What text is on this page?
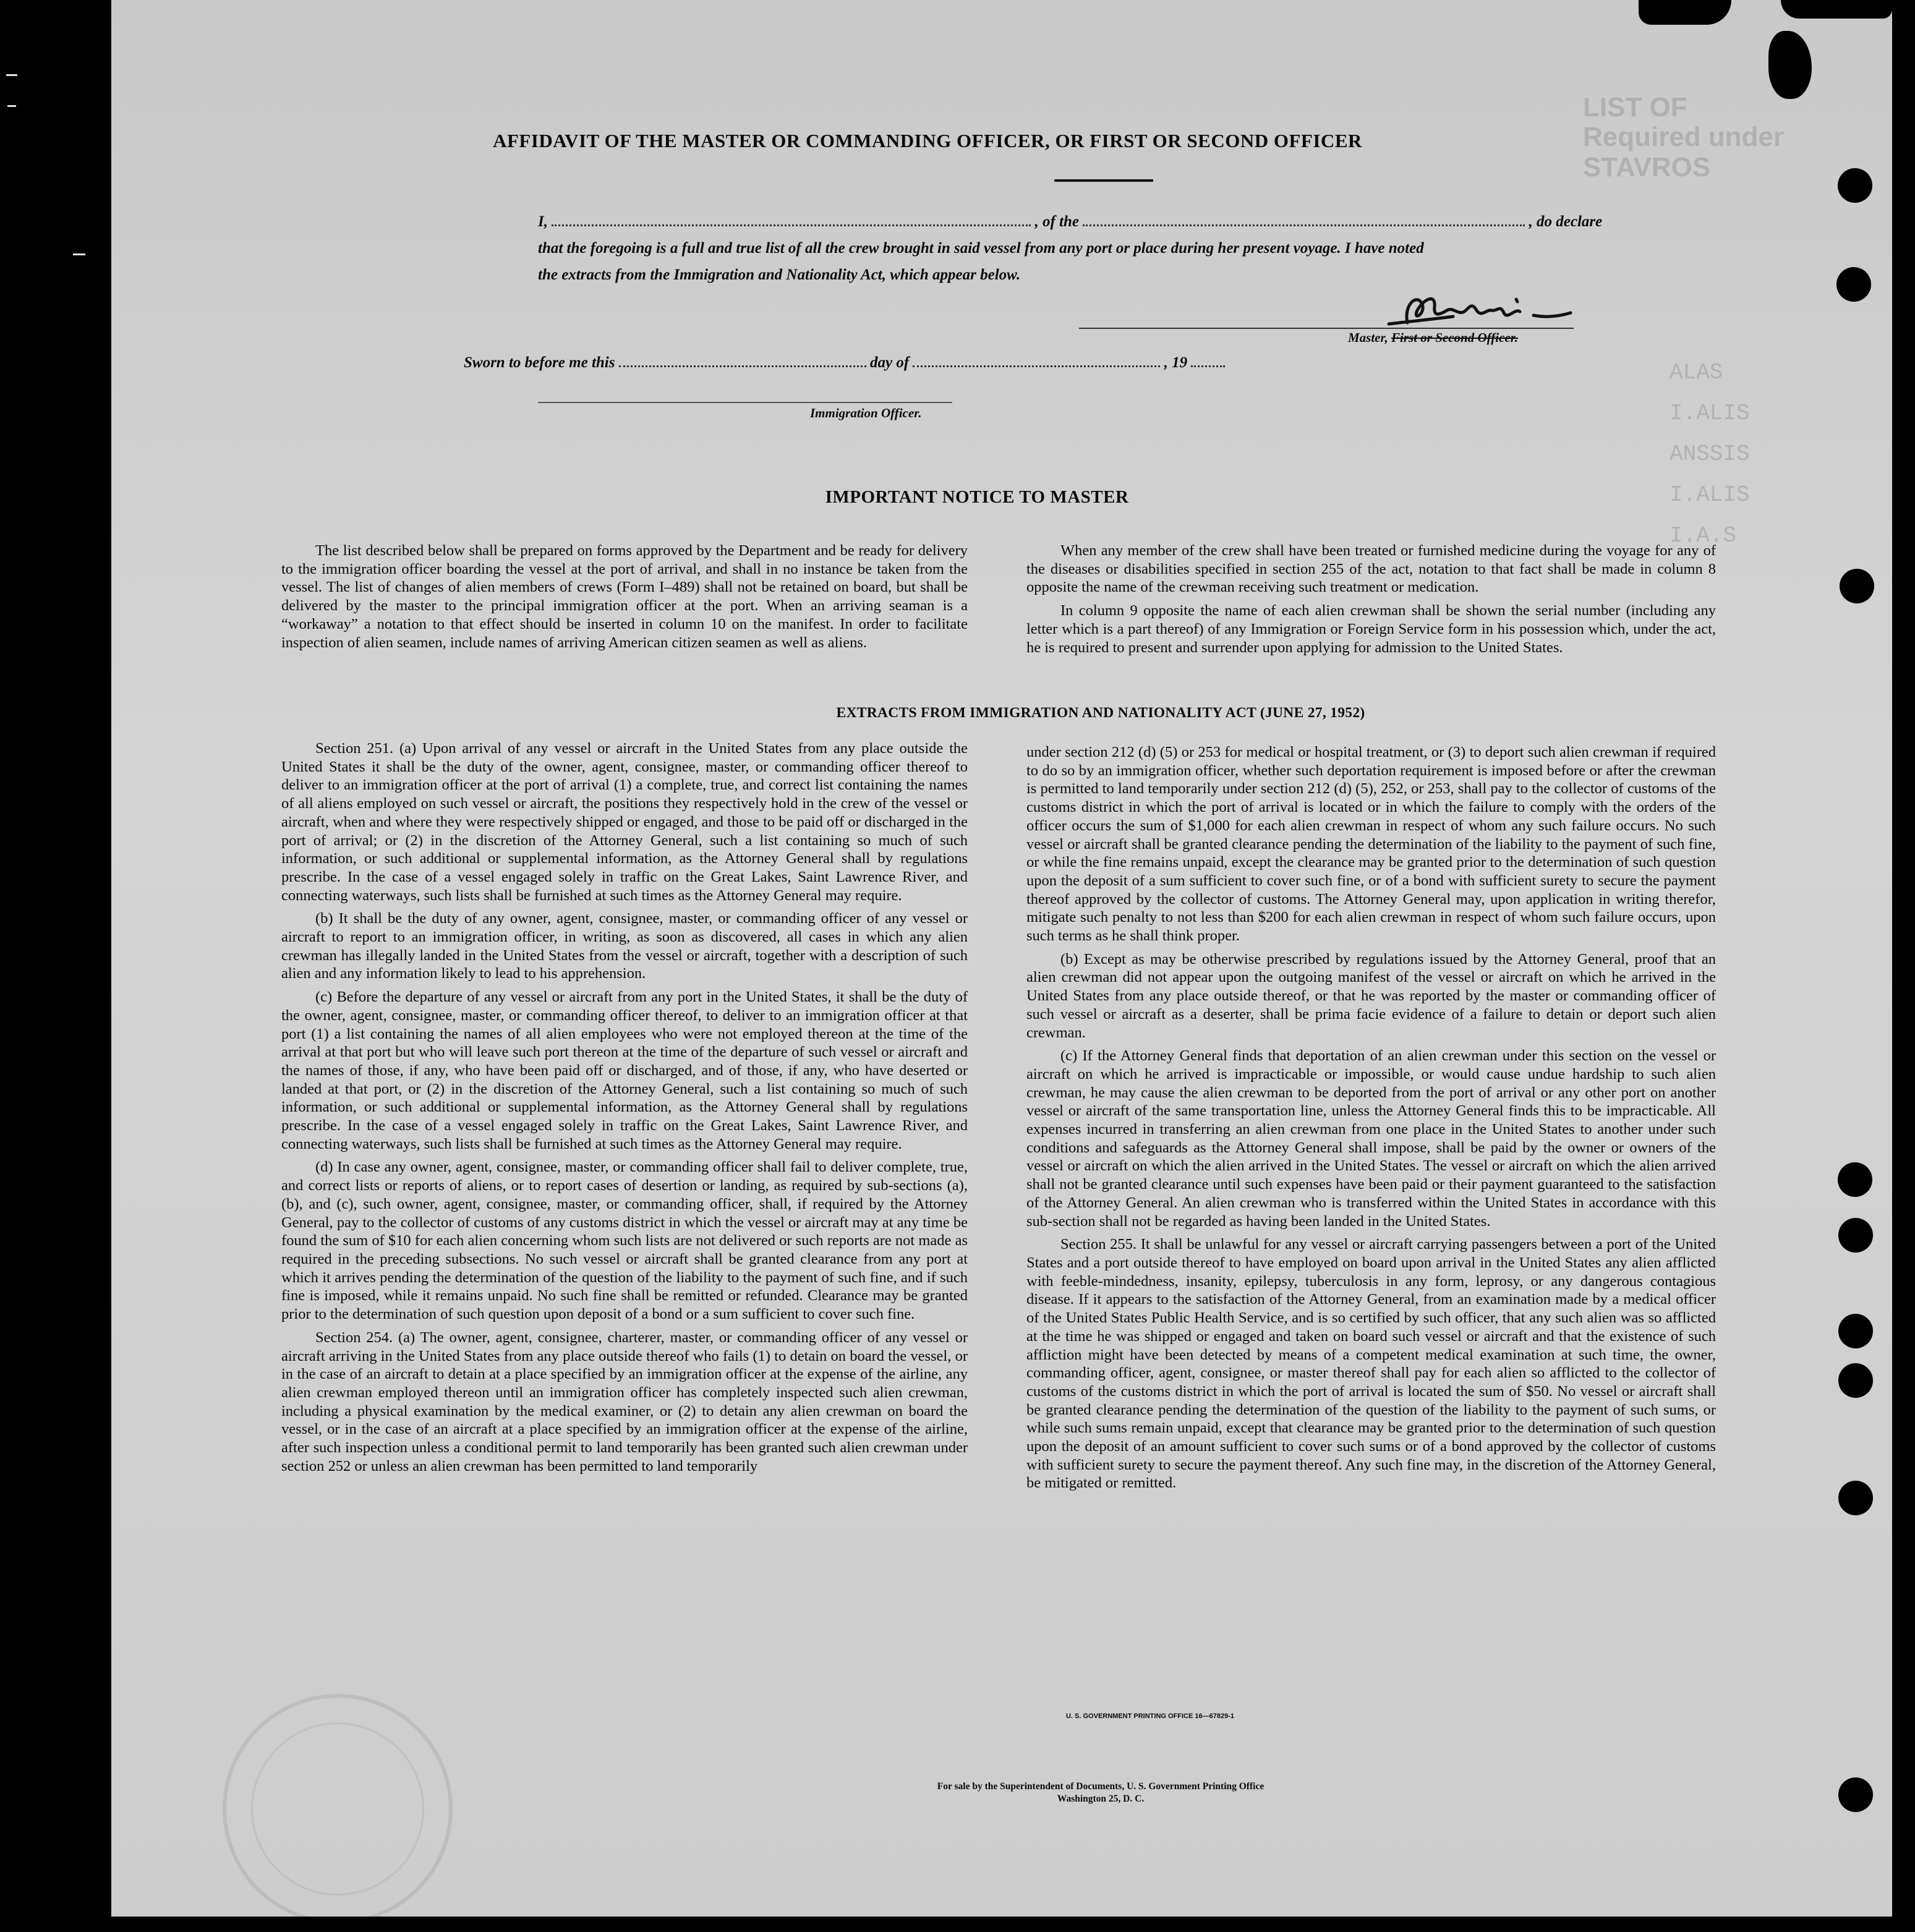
LIST OF
Required under
STAVROS
ALAS
I.ALIS
ANSSIS
I.ALIS
I.A.S

AFFIDAVIT OF THE MASTER OR COMMANDING OFFICER, OR FIRST OR SECOND OFFICER
I,	, of the	, do declare
that the foregoing is a full and true list of all the crew brought in said vessel from any port or place during her present voyage. I have noted
the extracts from the Immigration and Nationality Act, which appear below.
Master, First or Second Officer.
Sworn to before me this	day of	, 19
Immigration Officer.
IMPORTANT NOTICE TO MASTER

The list described below shall be prepared on forms approved by the Department and be ready for delivery to the immigration officer boarding the vessel at the port of arrival, and shall in no instance be taken from the vessel. The list of changes of alien members of crews (Form I–489) shall not be retained on board, but shall be delivered by the master to the principal immigration officer at the port. When an arriving seaman is a “workaway” a notation to that effect should be inserted in column 10 on the manifest. In order to facilitate inspection of alien seamen, include names of arriving American citizen seamen as well as aliens.

When any member of the crew shall have been treated or furnished medicine during the voyage for any of the diseases or disabilities specified in section 255 of the act, notation to that fact shall be made in column 8 opposite the name of the crewman receiving such treatment or medication.

In column 9 opposite the name of each alien crewman shall be shown the serial number (including any letter which is a part thereof) of any Immigration or Foreign Service form in his possession which, under the act, he is required to present and surrender upon applying for admission to the United States.

EXTRACTS FROM IMMIGRATION AND NATIONALITY ACT (JUNE 27, 1952)

Section 251. (a) Upon arrival of any vessel or aircraft in the United States from any place outside the United States it shall be the duty of the owner, agent, consignee, master, or commanding officer thereof to deliver to an immigration officer at the port of arrival (1) a complete, true, and correct list containing the names of all aliens employed on such vessel or aircraft, the positions they respectively hold in the crew of the vessel or aircraft, when and where they were respectively shipped or engaged, and those to be paid off or discharged in the port of arrival; or (2) in the discretion of the Attorney General, such a list containing so much of such information, or such additional or supplemental information, as the Attorney General shall by regulations prescribe. In the case of a vessel engaged solely in traffic on the Great Lakes, Saint Lawrence River, and connecting waterways, such lists shall be furnished at such times as the Attorney General may require.

(b) It shall be the duty of any owner, agent, consignee, master, or commanding officer of any vessel or aircraft to report to an immigration officer, in writing, as soon as discovered, all cases in which any alien crewman has illegally landed in the United States from the vessel or aircraft, together with a description of such alien and any information likely to lead to his apprehension.

(c) Before the departure of any vessel or aircraft from any port in the United States, it shall be the duty of the owner, agent, consignee, master, or commanding officer thereof, to deliver to an immigration officer at that port (1) a list containing the names of all alien employees who were not employed thereon at the time of the arrival at that port but who will leave such port thereon at the time of the departure of such vessel or aircraft and the names of those, if any, who have been paid off or discharged, and of those, if any, who have deserted or landed at that port, or (2) in the discretion of the Attorney General, such a list containing so much of such information, or such additional or supplemental information, as the Attorney General shall by regulations prescribe. In the case of a vessel engaged solely in traffic on the Great Lakes, Saint Lawrence River, and connecting waterways, such lists shall be furnished at such times as the Attorney General may require.

(d) In case any owner, agent, consignee, master, or commanding officer shall fail to deliver complete, true, and correct lists or reports of aliens, or to report cases of desertion or landing, as required by sub-sections (a), (b), and (c), such owner, agent, consignee, master, or commanding officer, shall, if required by the Attorney General, pay to the collector of customs of any customs district in which the vessel or aircraft may at any time be found the sum of $10 for each alien concerning whom such lists are not delivered or such reports are not made as required in the preceding subsections. No such vessel or aircraft shall be granted clearance from any port at which it arrives pending the determination of the question of the liability to the payment of such fine, and if such fine is imposed, while it remains unpaid. No such fine shall be remitted or refunded. Clearance may be granted prior to the determination of such question upon deposit of a bond or a sum sufficient to cover such fine.

Section 254. (a) The owner, agent, consignee, charterer, master, or commanding officer of any vessel or aircraft arriving in the United States from any place outside thereof who fails (1) to detain on board the vessel, or in the case of an aircraft to detain at a place specified by an immigration officer at the expense of the airline, any alien crewman employed thereon until an immigration officer has completely inspected such alien crewman, including a physical examination by the medical examiner, or (2) to detain any alien crewman on board the vessel, or in the case of an aircraft at a place specified by an immigration officer at the expense of the airline, after such inspection unless a conditional permit to land temporarily has been granted such alien crewman under section 252 or unless an alien crewman has been permitted to land temporarily

under section 212 (d) (5) or 253 for medical or hospital treatment, or (3) to deport such alien crewman if required to do so by an immigration officer, whether such deportation requirement is imposed before or after the crewman is permitted to land temporarily under section 212 (d) (5), 252, or 253, shall pay to the collector of customs of the customs district in which the port of arrival is located or in which the failure to comply with the orders of the officer occurs the sum of $1,000 for each alien crewman in respect of whom any such failure occurs. No such vessel or aircraft shall be granted clearance pending the determination of the liability to the payment of such fine, or while the fine remains unpaid, except the clearance may be granted prior to the determination of such question upon the deposit of a sum sufficient to cover such fine, or of a bond with sufficient surety to secure the payment thereof approved by the collector of customs. The Attorney General may, upon application in writing therefor, mitigate such penalty to not less than $200 for each alien crewman in respect of whom such failure occurs, upon such terms as he shall think proper.

(b) Except as may be otherwise prescribed by regulations issued by the Attorney General, proof that an alien crewman did not appear upon the outgoing manifest of the vessel or aircraft on which he arrived in the United States from any place outside thereof, or that he was reported by the master or commanding officer of such vessel or aircraft as a deserter, shall be prima facie evidence of a failure to detain or deport such alien crewman.

(c) If the Attorney General finds that deportation of an alien crewman under this section on the vessel or aircraft on which he arrived is impracticable or impossible, or would cause undue hardship to such alien crewman, he may cause the alien crewman to be deported from the port of arrival or any other port on another vessel or aircraft of the same transportation line, unless the Attorney General finds this to be impracticable. All expenses incurred in transferring an alien crewman from one place in the United States to another under such conditions and safeguards as the Attorney General shall impose, shall be paid by the owner or owners of the vessel or aircraft on which the alien arrived in the United States. The vessel or aircraft on which the alien arrived shall not be granted clearance until such expenses have been paid or their payment guaranteed to the satisfaction of the Attorney General. An alien crewman who is transferred within the United States in accordance with this sub-section shall not be regarded as having been landed in the United States.

Section 255. It shall be unlawful for any vessel or aircraft carrying passengers between a port of the United States and a port outside thereof to have employed on board upon arrival in the United States any alien afflicted with feeble-mindedness, insanity, epilepsy, tuberculosis in any form, leprosy, or any dangerous contagious disease. If it appears to the satisfaction of the Attorney General, from an examination made by a medical officer of the United States Public Health Service, and is so certified by such officer, that any such alien was so afflicted at the time he was shipped or engaged and taken on board such vessel or aircraft and that the existence of such affliction might have been detected by means of a competent medical examination at such time, the owner, commanding officer, agent, consignee, or master thereof shall pay for each alien so afflicted to the collector of customs of the customs district in which the port of arrival is located the sum of $50. No vessel or aircraft shall be granted clearance pending the determination of the question of the liability to the payment of such sums, or while such sums remain unpaid, except that clearance may be granted prior to the determination of such question upon the deposit of an amount sufficient to cover such sums or of a bond approved by the collector of customs with sufficient surety to secure the payment thereof. Any such fine may, in the discretion of the Attorney General, be mitigated or remitted.

U. S. GOVERNMENT PRINTING OFFICE 16—67829-1
For sale by the Superintendent of Documents, U. S. Government Printing Office
Washington 25, D. C.
